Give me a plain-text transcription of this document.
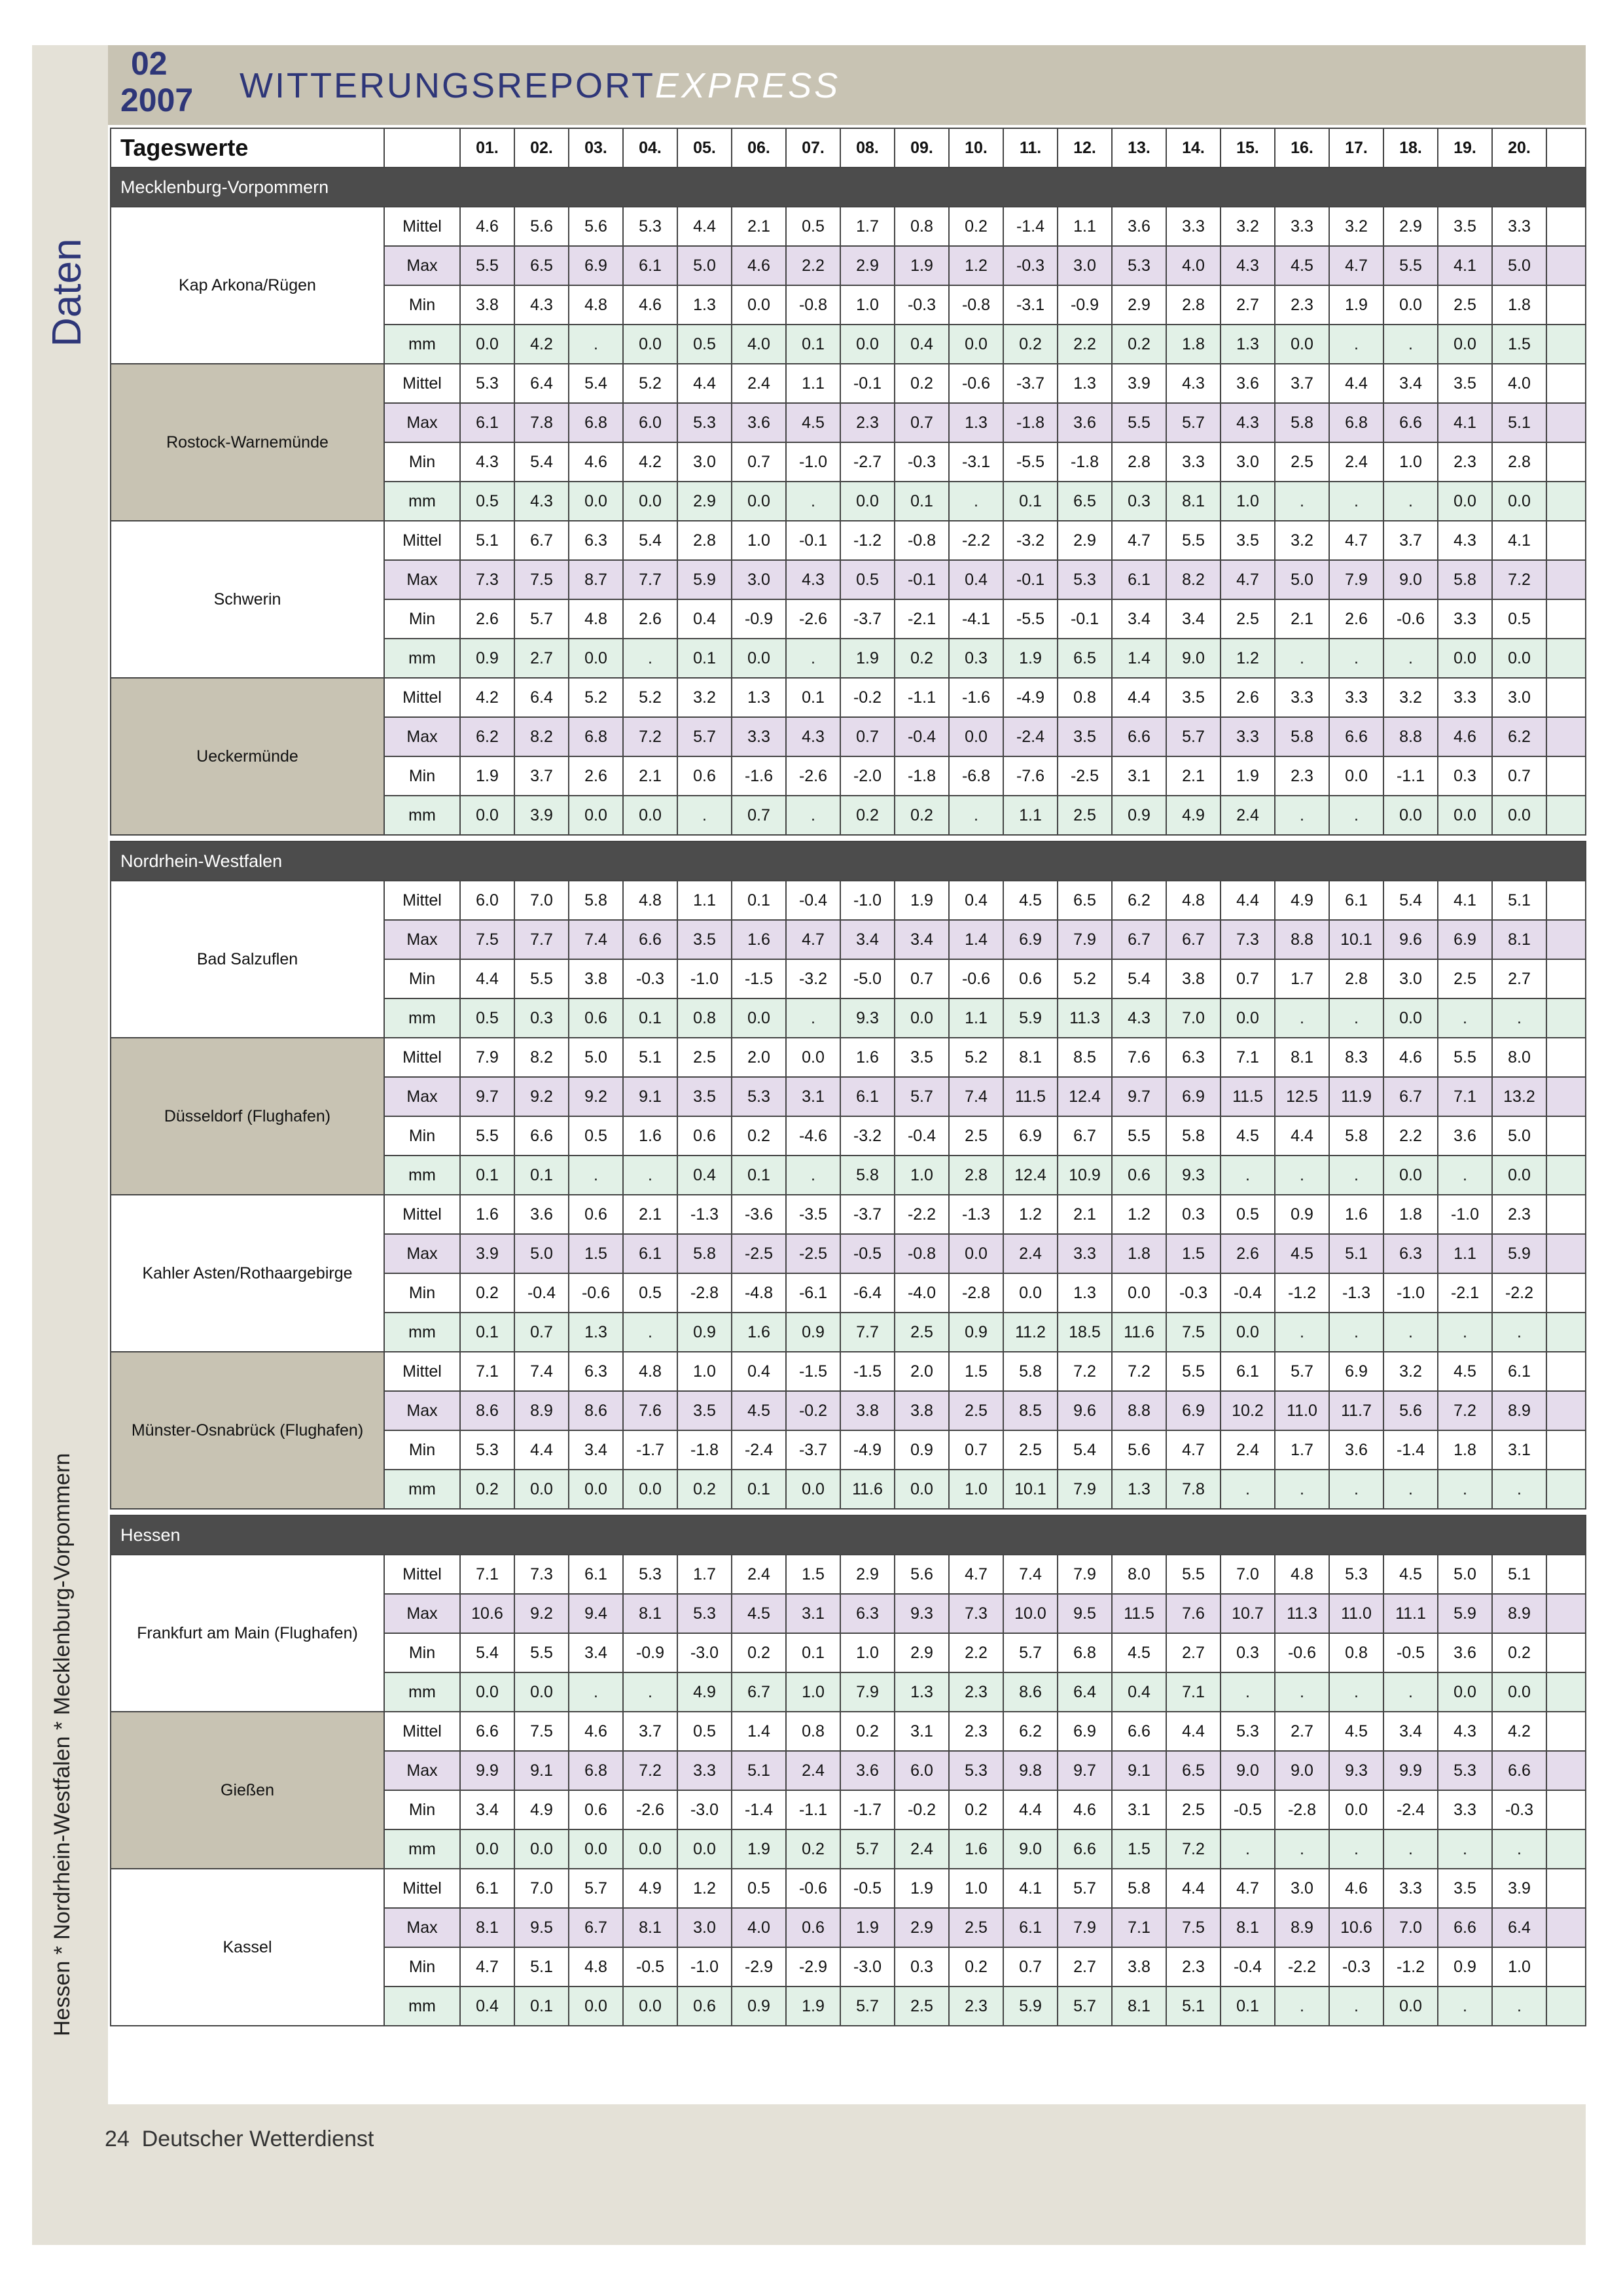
02
2007 WITTERUNGSREPORTEXPRESS
Daten
Hessen * Nordrhein-Westfalen * Mecklenburg-Vorpommern
Tageswerte		01.	02.	03.	04.	05.	06.	07.	08.	09.	10.	11.	12.	13.	14.	15.	16.	17.	18.	19.	20.	
Mecklenburg-Vorpommern																						
Kap Arkona/Rügen	Mittel	4.6	5.6	5.6	5.3	4.4	2.1	0.5	1.7	0.8	0.2	-1.4	1.1	3.6	3.3	3.2	3.3	3.2	2.9	3.5	3.3	
	Max	5.5	6.5	6.9	6.1	5.0	4.6	2.2	2.9	1.9	1.2	-0.3	3.0	5.3	4.0	4.3	4.5	4.7	5.5	4.1	5.0	
	Min	3.8	4.3	4.8	4.6	1.3	0.0	-0.8	1.0	-0.3	-0.8	-3.1	-0.9	2.9	2.8	2.7	2.3	1.9	0.0	2.5	1.8	
	mm	0.0	4.2	.	0.0	0.5	4.0	0.1	0.0	0.4	0.0	0.2	2.2	0.2	1.8	1.3	0.0	.	.	0.0	1.5	
Rostock-Warnemünde	Mittel	5.3	6.4	5.4	5.2	4.4	2.4	1.1	-0.1	0.2	-0.6	-3.7	1.3	3.9	4.3	3.6	3.7	4.4	3.4	3.5	4.0	
	Max	6.1	7.8	6.8	6.0	5.3	3.6	4.5	2.3	0.7	1.3	-1.8	3.6	5.5	5.7	4.3	5.8	6.8	6.6	4.1	5.1	
	Min	4.3	5.4	4.6	4.2	3.0	0.7	-1.0	-2.7	-0.3	-3.1	-5.5	-1.8	2.8	3.3	3.0	2.5	2.4	1.0	2.3	2.8	
	mm	0.5	4.3	0.0	0.0	2.9	0.0	.	0.0	0.1	.	0.1	6.5	0.3	8.1	1.0	.	.	.	0.0	0.0	
Schwerin	Mittel	5.1	6.7	6.3	5.4	2.8	1.0	-0.1	-1.2	-0.8	-2.2	-3.2	2.9	4.7	5.5	3.5	3.2	4.7	3.7	4.3	4.1	
	Max	7.3	7.5	8.7	7.7	5.9	3.0	4.3	0.5	-0.1	0.4	-0.1	5.3	6.1	8.2	4.7	5.0	7.9	9.0	5.8	7.2	
	Min	2.6	5.7	4.8	2.6	0.4	-0.9	-2.6	-3.7	-2.1	-4.1	-5.5	-0.1	3.4	3.4	2.5	2.1	2.6	-0.6	3.3	0.5	
	mm	0.9	2.7	0.0	.	0.1	0.0	.	1.9	0.2	0.3	1.9	6.5	1.4	9.0	1.2	.	.	.	0.0	0.0	
Ueckermünde	Mittel	4.2	6.4	5.2	5.2	3.2	1.3	0.1	-0.2	-1.1	-1.6	-4.9	0.8	4.4	3.5	2.6	3.3	3.3	3.2	3.3	3.0	
	Max	6.2	8.2	6.8	7.2	5.7	3.3	4.3	0.7	-0.4	0.0	-2.4	3.5	6.6	5.7	3.3	5.8	6.6	8.8	4.6	6.2	
	Min	1.9	3.7	2.6	2.1	0.6	-1.6	-2.6	-2.0	-1.8	-6.8	-7.6	-2.5	3.1	2.1	1.9	2.3	0.0	-1.1	0.3	0.7	
	mm	0.0	3.9	0.0	0.0	.	0.7	.	0.2	0.2	.	1.1	2.5	0.9	4.9	2.4	.	.	0.0	0.0	0.0	

Nordrhein-Westfalen																						
Bad Salzuflen	Mittel	6.0	7.0	5.8	4.8	1.1	0.1	-0.4	-1.0	1.9	0.4	4.5	6.5	6.2	4.8	4.4	4.9	6.1	5.4	4.1	5.1	
	Max	7.5	7.7	7.4	6.6	3.5	1.6	4.7	3.4	3.4	1.4	6.9	7.9	6.7	6.7	7.3	8.8	10.1	9.6	6.9	8.1	
	Min	4.4	5.5	3.8	-0.3	-1.0	-1.5	-3.2	-5.0	0.7	-0.6	0.6	5.2	5.4	3.8	0.7	1.7	2.8	3.0	2.5	2.7	
	mm	0.5	0.3	0.6	0.1	0.8	0.0	.	9.3	0.0	1.1	5.9	11.3	4.3	7.0	0.0	.	.	0.0	.	.	
Düsseldorf (Flughafen)	Mittel	7.9	8.2	5.0	5.1	2.5	2.0	0.0	1.6	3.5	5.2	8.1	8.5	7.6	6.3	7.1	8.1	8.3	4.6	5.5	8.0	
	Max	9.7	9.2	9.2	9.1	3.5	5.3	3.1	6.1	5.7	7.4	11.5	12.4	9.7	6.9	11.5	12.5	11.9	6.7	7.1	13.2	
	Min	5.5	6.6	0.5	1.6	0.6	0.2	-4.6	-3.2	-0.4	2.5	6.9	6.7	5.5	5.8	4.5	4.4	5.8	2.2	3.6	5.0	
	mm	0.1	0.1	.	.	0.4	0.1	.	5.8	1.0	2.8	12.4	10.9	0.6	9.3	.	.	.	0.0	.	0.0	
Kahler Asten/Rothaargebirge	Mittel	1.6	3.6	0.6	2.1	-1.3	-3.6	-3.5	-3.7	-2.2	-1.3	1.2	2.1	1.2	0.3	0.5	0.9	1.6	1.8	-1.0	2.3	
	Max	3.9	5.0	1.5	6.1	5.8	-2.5	-2.5	-0.5	-0.8	0.0	2.4	3.3	1.8	1.5	2.6	4.5	5.1	6.3	1.1	5.9	
	Min	0.2	-0.4	-0.6	0.5	-2.8	-4.8	-6.1	-6.4	-4.0	-2.8	0.0	1.3	0.0	-0.3	-0.4	-1.2	-1.3	-1.0	-2.1	-2.2	
	mm	0.1	0.7	1.3	.	0.9	1.6	0.9	7.7	2.5	0.9	11.2	18.5	11.6	7.5	0.0	.	.	.	.	.	
Münster-Osnabrück (Flughafen)	Mittel	7.1	7.4	6.3	4.8	1.0	0.4	-1.5	-1.5	2.0	1.5	5.8	7.2	7.2	5.5	6.1	5.7	6.9	3.2	4.5	6.1	
	Max	8.6	8.9	8.6	7.6	3.5	4.5	-0.2	3.8	3.8	2.5	8.5	9.6	8.8	6.9	10.2	11.0	11.7	5.6	7.2	8.9	
	Min	5.3	4.4	3.4	-1.7	-1.8	-2.4	-3.7	-4.9	0.9	0.7	2.5	5.4	5.6	4.7	2.4	1.7	3.6	-1.4	1.8	3.1	
	mm	0.2	0.0	0.0	0.0	0.2	0.1	0.0	11.6	0.0	1.0	10.1	7.9	1.3	7.8	.	.	.	.	.	.	

Hessen																						
Frankfurt am Main (Flughafen)	Mittel	7.1	7.3	6.1	5.3	1.7	2.4	1.5	2.9	5.6	4.7	7.4	7.9	8.0	5.5	7.0	4.8	5.3	4.5	5.0	5.1	
	Max	10.6	9.2	9.4	8.1	5.3	4.5	3.1	6.3	9.3	7.3	10.0	9.5	11.5	7.6	10.7	11.3	11.0	11.1	5.9	8.9	
	Min	5.4	5.5	3.4	-0.9	-3.0	0.2	0.1	1.0	2.9	2.2	5.7	6.8	4.5	2.7	0.3	-0.6	0.8	-0.5	3.6	0.2	
	mm	0.0	0.0	.	.	4.9	6.7	1.0	7.9	1.3	2.3	8.6	6.4	0.4	7.1	.	.	.	.	0.0	0.0	
Gießen	Mittel	6.6	7.5	4.6	3.7	0.5	1.4	0.8	0.2	3.1	2.3	6.2	6.9	6.6	4.4	5.3	2.7	4.5	3.4	4.3	4.2	
	Max	9.9	9.1	6.8	7.2	3.3	5.1	2.4	3.6	6.0	5.3	9.8	9.7	9.1	6.5	9.0	9.0	9.3	9.9	5.3	6.6	
	Min	3.4	4.9	0.6	-2.6	-3.0	-1.4	-1.1	-1.7	-0.2	0.2	4.4	4.6	3.1	2.5	-0.5	-2.8	0.0	-2.4	3.3	-0.3	
	mm	0.0	0.0	0.0	0.0	0.0	1.9	0.2	5.7	2.4	1.6	9.0	6.6	1.5	7.2	.	.	.	.	.	.	
Kassel	Mittel	6.1	7.0	5.7	4.9	1.2	0.5	-0.6	-0.5	1.9	1.0	4.1	5.7	5.8	4.4	4.7	3.0	4.6	3.3	3.5	3.9	
	Max	8.1	9.5	6.7	8.1	3.0	4.0	0.6	1.9	2.9	2.5	6.1	7.9	7.1	7.5	8.1	8.9	10.6	7.0	6.6	6.4	
	Min	4.7	5.1	4.8	-0.5	-1.0	-2.9	-2.9	-3.0	0.3	0.2	0.7	2.7	3.8	2.3	-0.4	-2.2	-0.3	-1.2	0.9	1.0	
	mm	0.4	0.1	0.0	0.0	0.6	0.9	1.9	5.7	2.5	2.3	5.9	5.7	8.1	5.1	0.1	.	.	0.0	.	.	
24 Deutscher Wetterdienst
